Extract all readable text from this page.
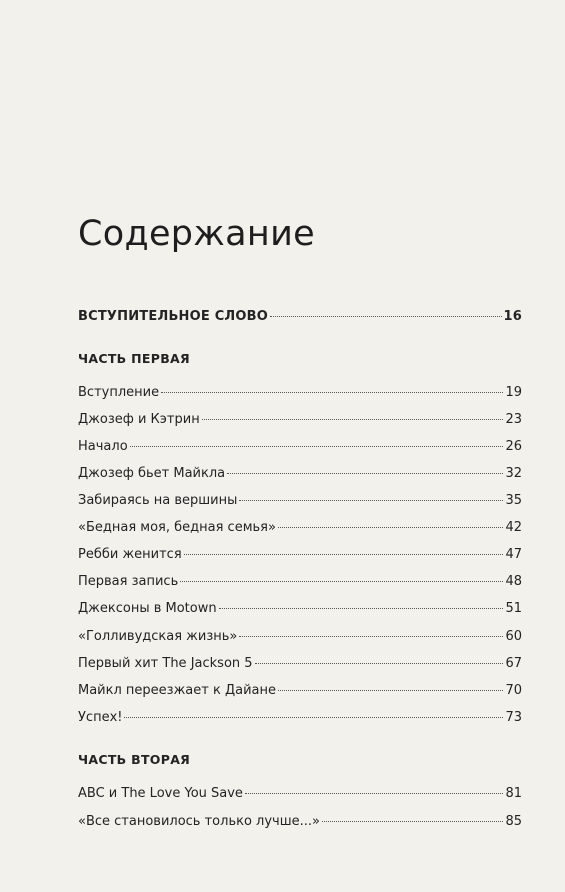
Содержание
ВСТУПИТЕЛЬНОЕ СЛОВО	16
ЧАСТЬ ПЕРВАЯ
Вступление	19
Джозеф и Кэтрин	23
Начало	26
Джозеф бьет Майкла	32
Забираясь на вершины	35
«Бедная моя, бедная семья»	42
Ребби женится	47
Первая запись	48
Джексоны в Motown	51
«Голливудская жизнь»	60
Первый хит The Jackson 5	67
Майкл переезжает к Дайане	70
Успех!	73
ЧАСТЬ ВТОРАЯ
ABC и The Love You Save	81
«Все становилось только лучше...»	85
